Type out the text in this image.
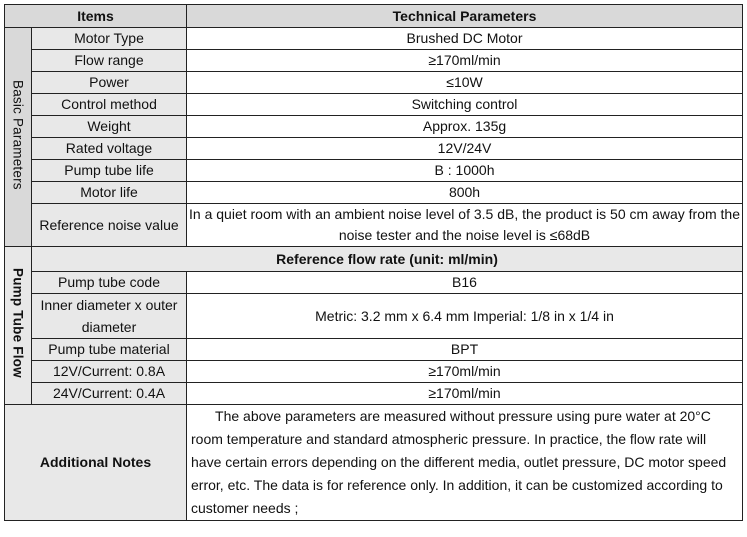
Items		Technical Parameters
Basic Parameters	Motor Type	Brushed DC Motor
	Flow range	≥170ml/min
	Power	≤10W
	Control method	Switching control
	Weight	Approx. 135g
	Rated voltage	12V/24V
	Pump tube life	B : 1000h
	Motor life	800h
	Reference noise value	In a quiet room with an ambient noise level of 3.5 dB, the product is 50 cm away from the noise tester and the noise level is ≤68dB
Pump Tube Flow	Reference flow rate (unit: ml/min)	
	Pump tube code	B16
	Inner diameter x outer diameter	Metric: 3.2 mm x 6.4 mm Imperial: 1/8 in x 1/4 in
	Pump tube material	BPT
	12V/Current: 0.8A	≥170ml/min
	24V/Current: 0.4A	≥170ml/min
Additional Notes		The above parameters are measured without pressure using pure water at 20°C room temperature and standard atmospheric pressure. In practice, the flow rate will have certain errors depending on the different media, outlet pressure, DC motor speed error, etc. The data is for reference only. In addition, it can be customized according to customer needs ;
